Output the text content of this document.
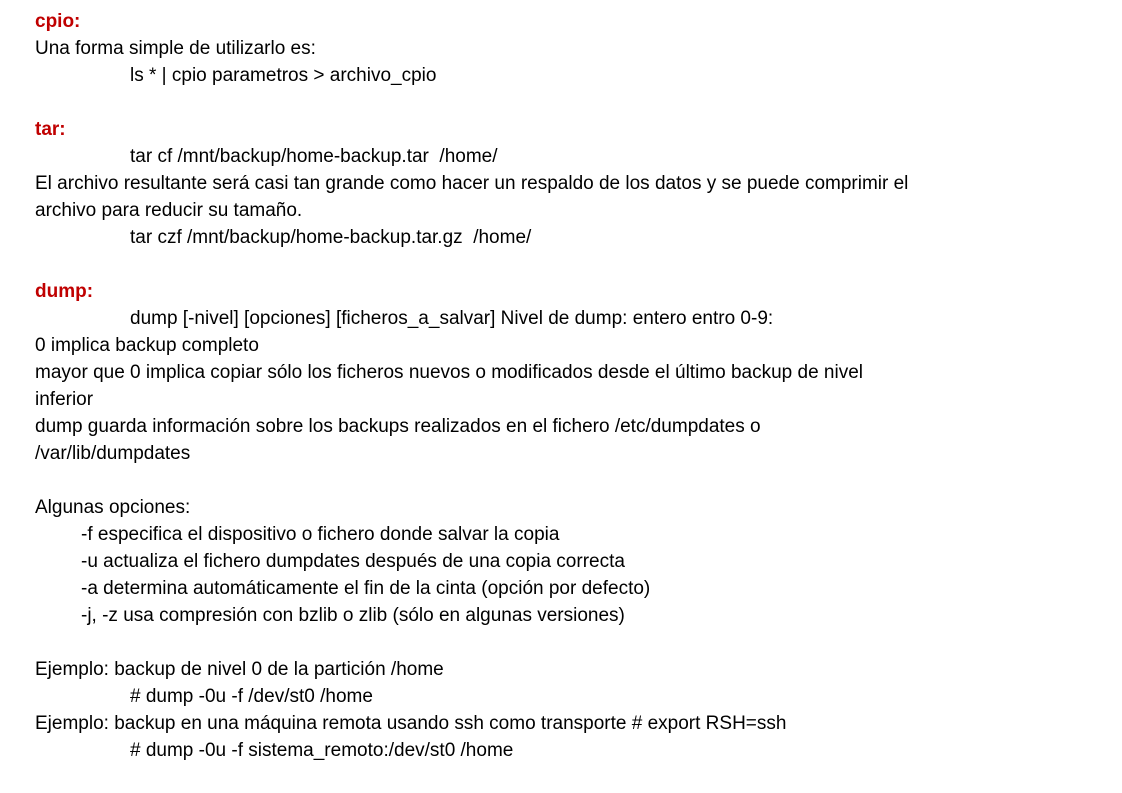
cpio:
Una forma simple de utilizarlo es:
ls * | cpio parametros > archivo_cpio
tar:
tar cf /mnt/backup/home-backup.tar  /home/
El archivo resultante será casi tan grande como hacer un respaldo de los datos y se puede comprimir el
archivo para reducir su tamaño.
tar czf /mnt/backup/home-backup.tar.gz  /home/
dump:
dump [-nivel] [opciones] [ficheros_a_salvar] Nivel de dump: entero entro 0-9:
0 implica backup completo
mayor que 0 implica copiar sólo los ficheros nuevos o modificados desde el último backup de nivel
inferior
dump guarda información sobre los backups realizados en el fichero /etc/dumpdates o
/var/lib/dumpdates
Algunas opciones:
-f especifica el dispositivo o fichero donde salvar la copia
-u actualiza el fichero dumpdates después de una copia correcta
-a determina automáticamente el fin de la cinta (opción por defecto)
-j, -z usa compresión con bzlib o zlib (sólo en algunas versiones)
Ejemplo: backup de nivel 0 de la partición /home
# dump -0u -f /dev/st0 /home
Ejemplo: backup en una máquina remota usando ssh como transporte # export RSH=ssh
# dump -0u -f sistema_remoto:/dev/st0 /home
